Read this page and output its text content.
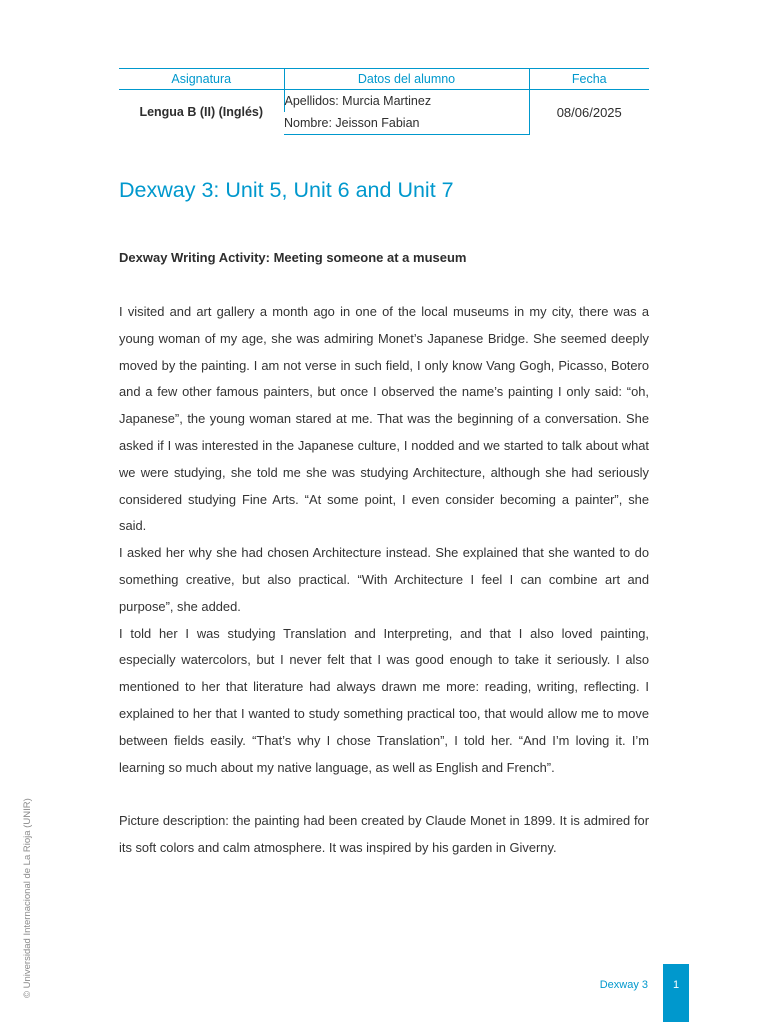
Asignatura	Datos del alumno	Fecha
Lengua B (II) (Inglés)	Apellidos: Murcia Martinez	08/06/2025
	Nombre: Jeisson Fabian	
Dexway 3: Unit 5, Unit 6 and Unit 7
Dexway Writing Activity: Meeting someone at a museum

I visited and art gallery a month ago in one of the local museums in my city, there was a young woman of my age, she was admiring Monet’s Japanese Bridge. She seemed deeply moved by the painting. I am not verse in such field, I only know Vang Gogh, Picasso, Botero and a few other famous painters, but once I observed the name’s painting I only said: “oh, Japanese”, the young woman stared at me. That was the beginning of a conversation. She asked if I was interested in the Japanese culture, I nodded and we started to talk about what we were studying, she told me she was studying Architecture, although she had seriously considered studying Fine Arts. “At some point, I even consider becoming a painter”, she said.

I asked her why she had chosen Architecture instead. She explained that she wanted to do something creative, but also practical. “With Architecture I feel I can combine art and purpose”, she added.

I told her I was studying Translation and Interpreting, and that I also loved painting, especially watercolors, but I never felt that I was good enough to take it seriously. I also mentioned to her that literature had always drawn me more: reading, writing, reflecting. I explained to her that I wanted to study something practical too, that would allow me to move between fields easily. “That’s why I chose Translation”, I told her. “And I’m loving it. I’m learning so much about my native language, as well as English and French”.

Picture description: the painting had been created by Claude Monet in 1899. It is admired for its soft colors and calm atmosphere. It was inspired by his garden in Giverny.

Dexway 3	1
© Universidad Internacional de La Rioja (UNIR)
